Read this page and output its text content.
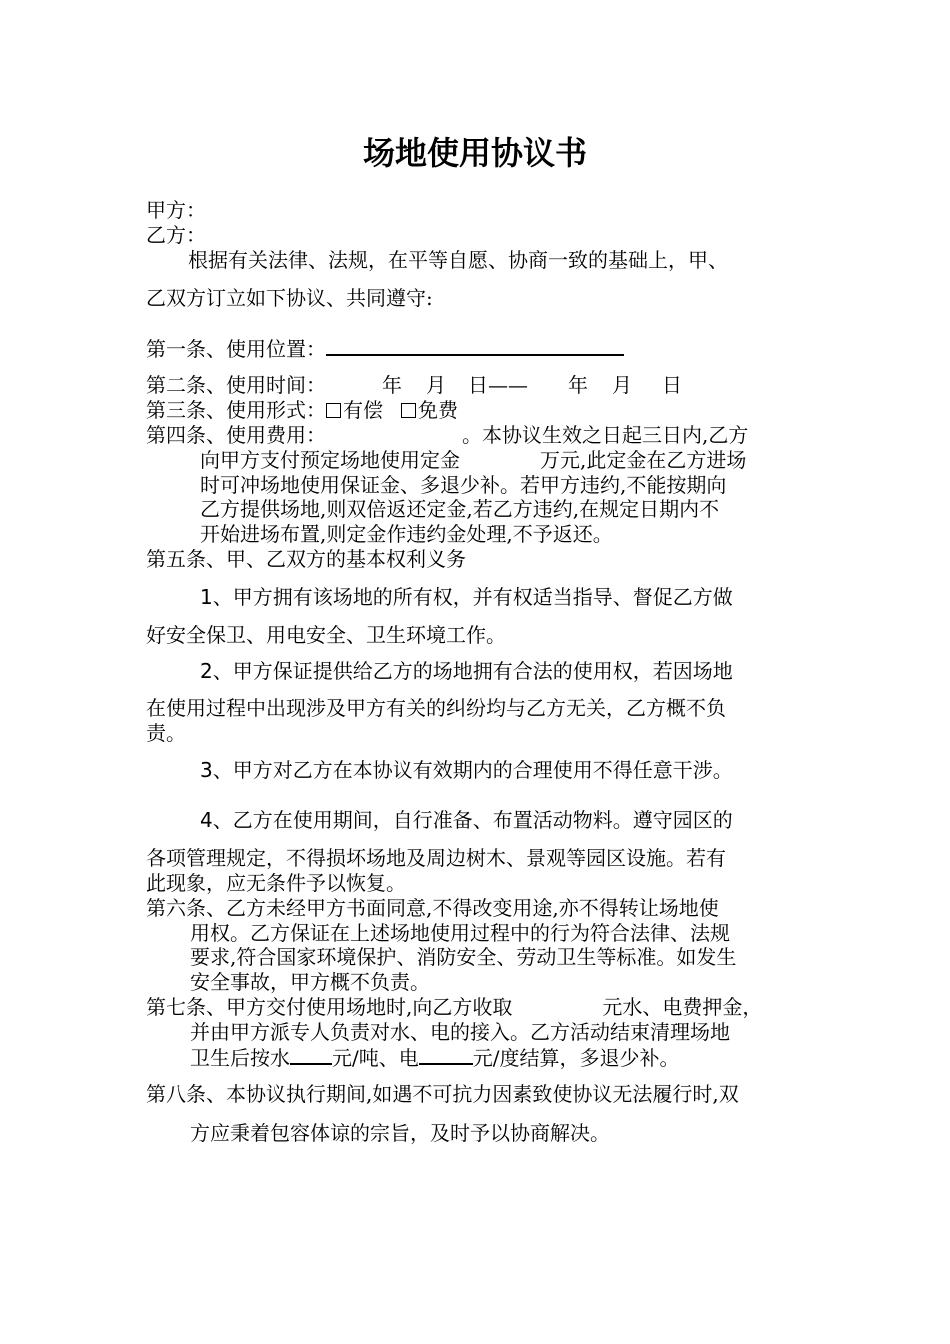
场地使用协议书

甲方：

乙方：

根据有关法律、法规，在平等自愿、协商一致的基础上，甲、

乙双方订立如下协议、共同遵守:

第一条、使用位置：

第二条、使用时间：	年 月 日—— 年 月 日

第三条、使用形式： 有偿 免费

第四条、使用费用：	。本协议生效之日起三日内,乙方

向甲方支付预定场地使用定金	万元,此定金在乙方进场

时可冲场地使用保证金、多退少补。若甲方违约,不能按期向

乙方提供场地,则双倍返还定金,若乙方违约,在规定日期内不

开始进场布置,则定金作违约金处理,不予返还。

第五条、甲、乙双方的基本权利义务

1、甲方拥有该场地的所有权，并有权适当指导、督促乙方做

好安全保卫、用电安全、卫生环境工作。

2、甲方保证提供给乙方的场地拥有合法的使用权，若因场地

在使用过程中出现涉及甲方有关的纠纷均与乙方无关，乙方概不负

责。

3、甲方对乙方在本协议有效期内的合理使用不得任意干涉。

4、乙方在使用期间，自行准备、布置活动物料。遵守园区的

各项管理规定，不得损坏场地及周边树木、景观等园区设施。若有

此现象，应无条件予以恢复。

第六条、乙方未经甲方书面同意,不得改变用途,亦不得转让场地使

用权。乙方保证在上述场地使用过程中的行为符合法律、法规

要求,符合国家环境保护、消防安全、劳动卫生等标准。如发生

安全事故，甲方概不负责。

第七条、甲方交付使用场地时,向乙方收取	元水、电费押金，

并由甲方派专人负责对水、电的接入。乙方活动结束清理场地

卫生后按水 元/吨、电	元/度结算，多退少补。

第八条、本协议执行期间,如遇不可抗力因素致使协议无法履行时,双

方应秉着包容体谅的宗旨，及时予以协商解决。
